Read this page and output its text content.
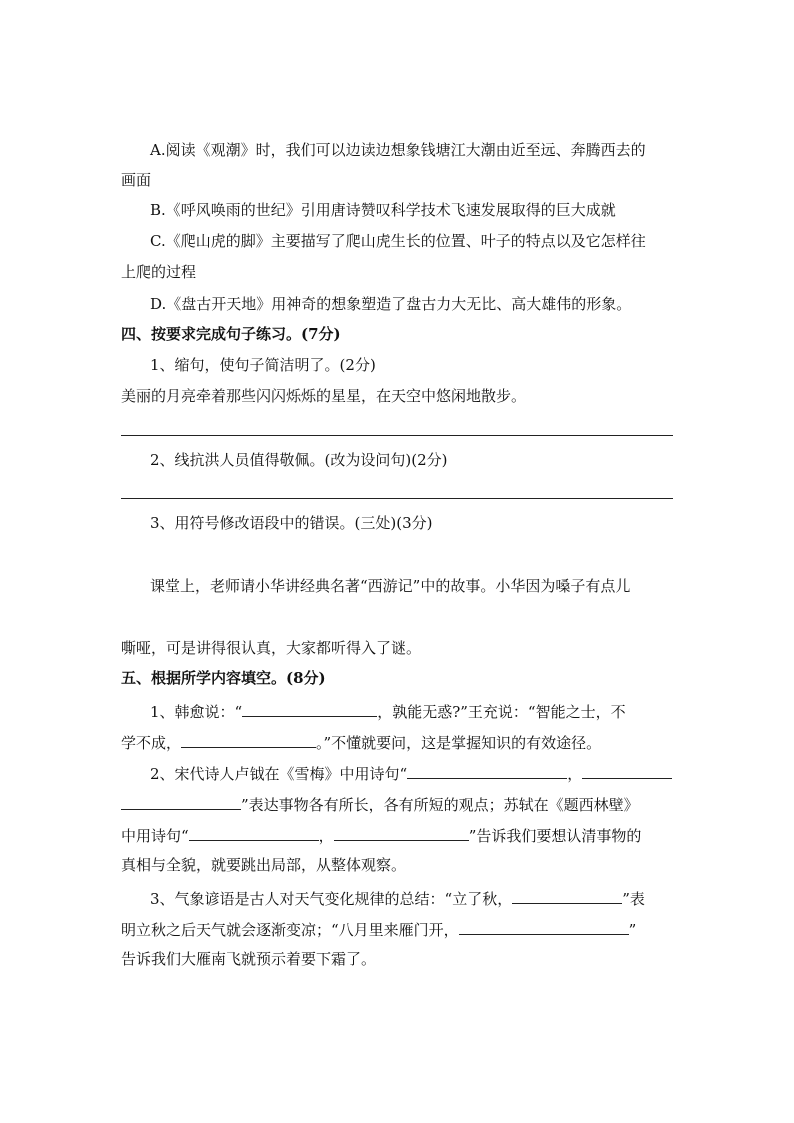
A.阅读《观潮》时，我们可以边读边想象钱塘江大潮由近至远、奔腾西去的
画面
B.《呼风唤雨的世纪》引用唐诗赞叹科学技术飞速发展取得的巨大成就
C.《爬山虎的脚》主要描写了爬山虎生长的位置、叶子的特点以及它怎样往
上爬的过程
D.《盘古开天地》用神奇的想象塑造了盘古力大无比、高大雄伟的形象。
四、按要求完成句子练习。(7分)
1、缩句，使句子简洁明了。(2分)
美丽的月亮牵着那些闪闪烁烁的星星，在天空中悠闲地散步。
2、线抗洪人员值得敬佩。(改为设问句)(2分)
3、用符号修改语段中的错误。(三处)(3分)
课堂上，老师请小华讲经典名著“西游记”中的故事。小华因为嗓子有点儿
嘶哑，可是讲得很认真，大家都听得入了谜。
五、根据所学内容填空。(8分)
1、韩愈说：“	，孰能无惑?”王充说：“智能之士，不
学不成，	。”不懂就要问，这是掌握知识的有效途径。
2、宋代诗人卢钺在《雪梅》中用诗句“	，
”表达事物各有所长，各有所短的观点；苏轼在《题西林壁》
中用诗句“	，	”告诉我们要想认清事物的
真相与全貌，就要跳出局部，从整体观察。
3、气象谚语是古人对天气变化规律的总结：“立了秋，	”表
明立秋之后天气就会逐渐变凉；“八月里来雁门开，	”
告诉我们大雁南飞就预示着要下霜了。
